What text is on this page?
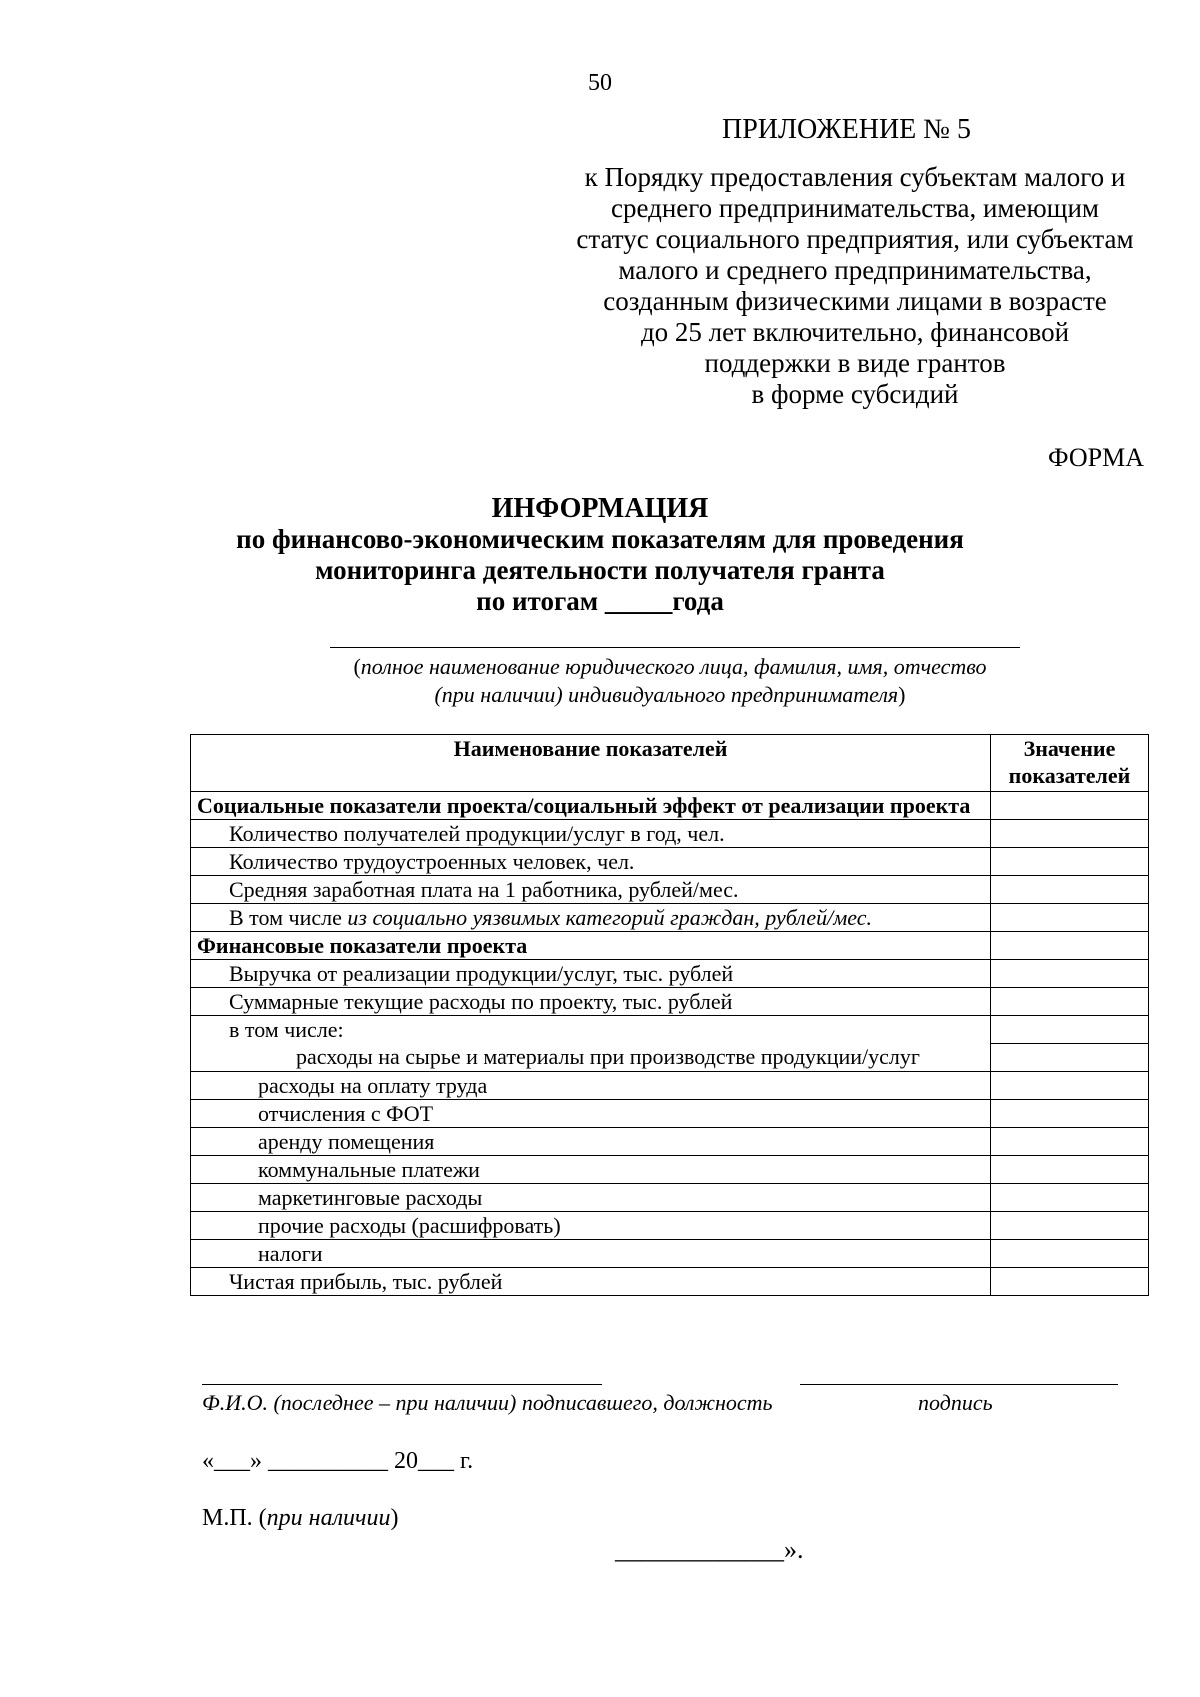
50
ПРИЛОЖЕНИЕ № 5
к Порядку предоставления субъектам малого и
среднего предпринимательства, имеющим
статус социального предприятия, или субъектам
малого и среднего предпринимательства,
созданным физическими лицами в возрасте
до 25 лет включительно, финансовой
поддержки в виде грантов
в форме субсидий
ФОРМА
ИНФОРМАЦИЯ
по финансово-экономическим показателям для проведения
мониторинга деятельности получателя гранта
по итогам _____года
(полное наименование юридического лица, фамилия, имя, отчество
(при наличии) индивидуального предпринимателя)
Наименование показателей	Значение показателей
Социальные показатели проекта/социальный эффект от реализации проекта	
Количество получателей продукции/услуг в год, чел.	
Количество трудоустроенных человек, чел.	
Средняя заработная плата на 1 работника, рублей/мес.	
В том числе из социально уязвимых категорий граждан, рублей/мес.	
Финансовые показатели проекта	
Выручка от реализации продукции/услуг, тыс. рублей	
Суммарные текущие расходы по проекту, тыс. рублей	

в том числе:
расходы на сырье и материалы при производстве продукции/услуг	

расходы на оплату труда	
отчисления с ФОТ	
аренду помещения	
коммунальные платежи	
маркетинговые расходы	
прочие расходы (расшифровать)	
налоги	
Чистая прибыль, тыс. рублей	
Ф.И.О. (последнее – при наличии) подписавшего, должность	подпись
«___» __________ 20___ г.
М.П. (при наличии)
_____________».
